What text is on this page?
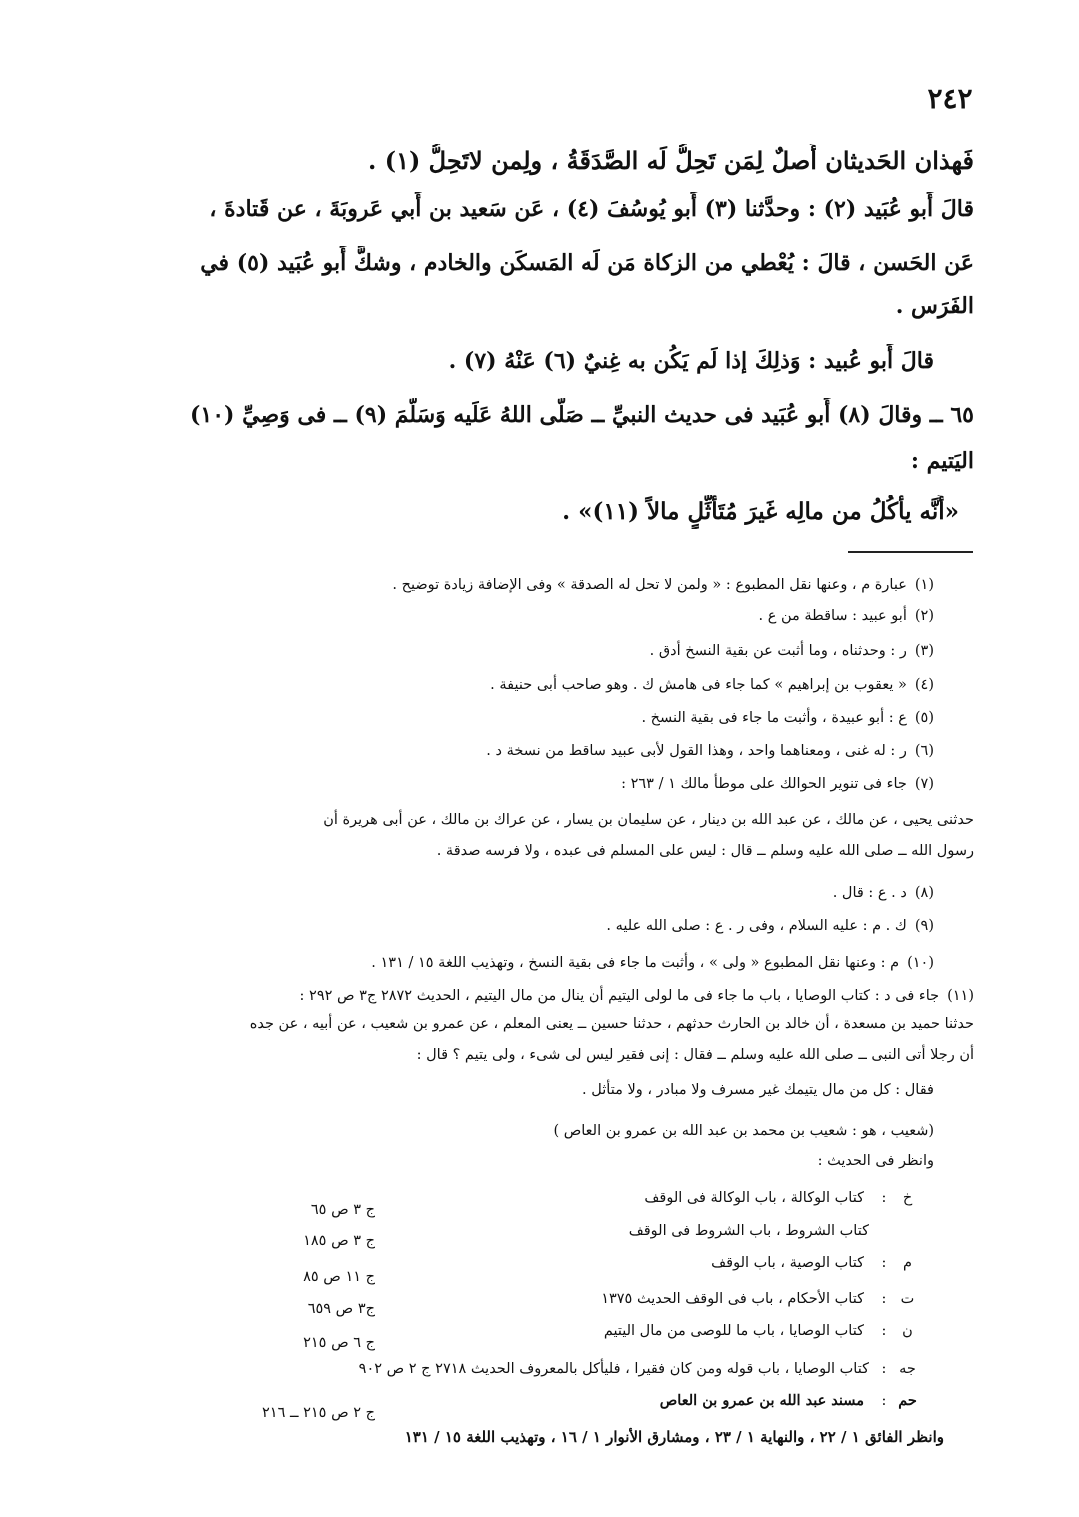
٢٤٢
فَهذان الحَديثان أَصلٌ لِمَن تَحِلُّ لَه الصَّدَقَةُ ، ولِمن لاتَحِلُّ (١) .
قالَ أَبو عُبَيد (٢) : وحدَّثنا (٣) أَبو يُوسُفَ (٤) ، عَن سَعيد بن أَبي عَروبَةَ ، عن قَتادةَ ،
عَن الحَسن ، قالَ : يُعْطي من الزكاة مَن لَه المَسكَن والخادم ، وشكَّ أَبو عُبَيد (٥) في
الفَرَس .
قالَ أَبو عُبيد : وَذلِكَ إذا لَم يَكُن به غِنيٌ (٦) عَنْهُ (٧) .
٦٥ ــ وقالَ (٨) أَبو عُبَيد فى حديث النبيِّ ــ صَلَّى اللهُ عَلَيه وَسَلَّمَ (٩) ــ فى وَصِيِّ (١٠)
اليَتيم :
«أَنَّه يأكُلُ من مالِه غَيرَ مُتَأَثِّلٍ مالاً (١١)» .
(١)عبارة م ، وعنها نقل المطبوع : « ولمن لا تحل له الصدقة » وفى الإضافة زيادة توضيح .
(٢)أبو عبيد : ساقطة من ع .
(٣)ر : وحدثناه ، وما أثبت عن بقية النسخ أدق .
(٤)« يعقوب بن إبراهيم » كما جاء فى هامش ك . وهو صاحب أبى حنيفة .
(٥)ع : أبو عبيدة ، وأثبت ما جاء فى بقية النسخ .
(٦)ر : له غنى ، ومعناهما واحد ، وهذا القول لأبى عبيد ساقط من نسخة د .
(٧)جاء فى تنوير الحوالك على موطأ مالك ١ / ٢٦٣ :
حدثنى يحيى ، عن مالك ، عن عبد الله بن دينار ، عن سليمان بن يسار ، عن عراك بن مالك ، عن أبى هريرة أن
رسول الله ــ صلى الله عليه وسلم ــ قال : ليس على المسلم فى عبده ، ولا فرسه صدقة .
(٨)د . ع : قال .
(٩)ك . م : عليه السلام ، وفى ر . ع : صلى الله عليه .
(١٠)م : وعنها نقل المطبوع « ولى » ، وأثبت ما جاء فى بقية النسخ ، وتهذيب اللغة ١٥ / ١٣١ .
(١١)جاء فى د : كتاب الوصايا ، باب ما جاء فى ما لولى اليتيم أن ينال من مال اليتيم ، الحديث ٢٨٧٢ ج٣ ص ٢٩٢ :
حدثنا حميد بن مسعدة ، أن خالد بن الحارث حدثهم ، حدثنا حسين ــ يعنى المعلم ، عن عمرو بن شعيب ، عن أبيه ، عن جده
أن رجلا أتى النبى ــ صلى الله عليه وسلم ــ فقال : إنى فقير ليس لى شىء ، ولى يتيم ؟ قال :
فقال : كل من مال يتيمك غير مسرف ولا مبادر ، ولا متأثل .
(شعيب ، هو : شعيب بن محمد بن عبد الله بن عمرو بن العاص )
وانظر فى الحديث :
خ
:
كتاب الوكالة ، باب الوكالة فى الوقف
ج ٣ ص ٦٥
كتاب الشروط ، باب الشروط فى الوقف
ج ٣ ص ١٨٥
م
:
كتاب الوصية ، باب الوقف
ج ١١ ص ٨٥
ت
:
كتاب الأحكام ، باب فى الوقف الحديث ١٣٧٥
ج٣ ص ٦٥٩
ن
:
كتاب الوصايا ، باب ما للوصى من مال اليتيم
ج ٦ ص ٢١٥
جه
:
كتاب الوصايا ، باب قوله ومن كان فقيرا ، فليأكل بالمعروف الحديث ٢٧١٨ ج ٢ ص ٩٠٢
حم
:
مسند عبد الله بن عمرو بن العاص
ج ٢ ص ٢١٥ ــ ٢١٦
وانظر الفائق ١ / ٢٢ ، والنهاية ١ / ٢٣ ، ومشارق الأنوار ١ / ١٦ ، وتهذيب اللغة ١٥ / ١٣١
